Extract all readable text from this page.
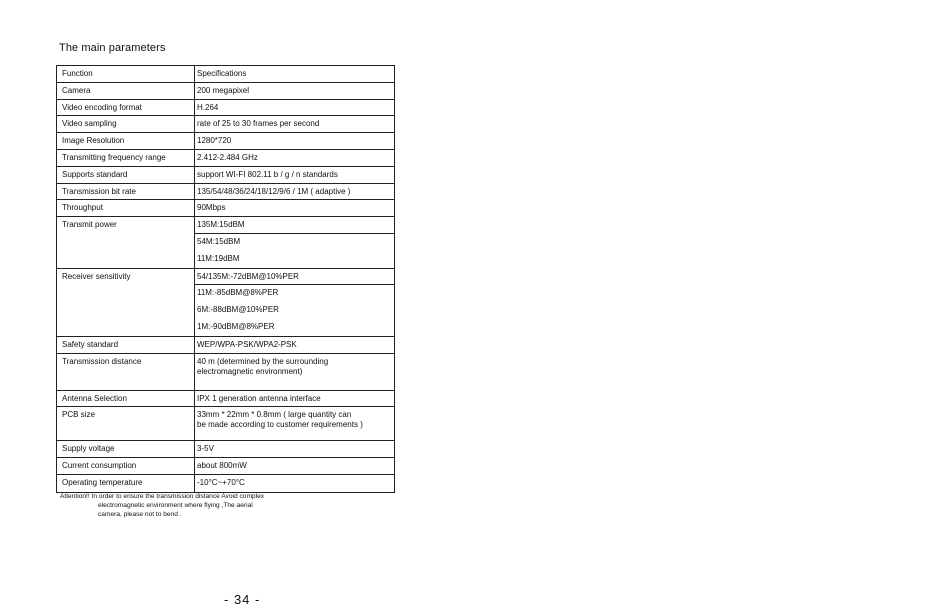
The main parameters
Function	Specifications
Camera	200 megapixel
Video encoding format	H.264
Video sampling	rate of 25 to 30 frames per second
Image Resolution	1280*720
Transmitting frequency range	2.412-2.484 GHz
Supports standard	support WI-FI 802.11 b / g / n standards
Transmission bit rate	135/54/48/36/24/18/12/9/6 / 1M ( adaptive )
Throughput	90Mbps
Transmit power	135M:15dBM
54M:15dBM
11M:19dBM
Receiver sensitivity	54/135M:-72dBM@10%PER
11M:-85dBM@8%PER
6M:-88dBM@10%PER
1M:-90dBM@8%PER
Safety standard	WEP/WPA-PSK/WPA2-PSK
Transmission distance	40 m (determined by the surrounding
electromagnetic environment)
Antenna Selection	IPX 1 generation antenna interface
PCB size	33mm * 22mm * 0.8mm ( large quantity can
be made according to customer requirements )
Supply voltage	3-5V
Current consumption	about 800mW
Operating temperature	-10°C~+70°C
Attention!! In order to ensure the transmission distance Avoid complex
electromagnetic environment where flying ,The aerial
camera, please not to bend .
- 34 -
